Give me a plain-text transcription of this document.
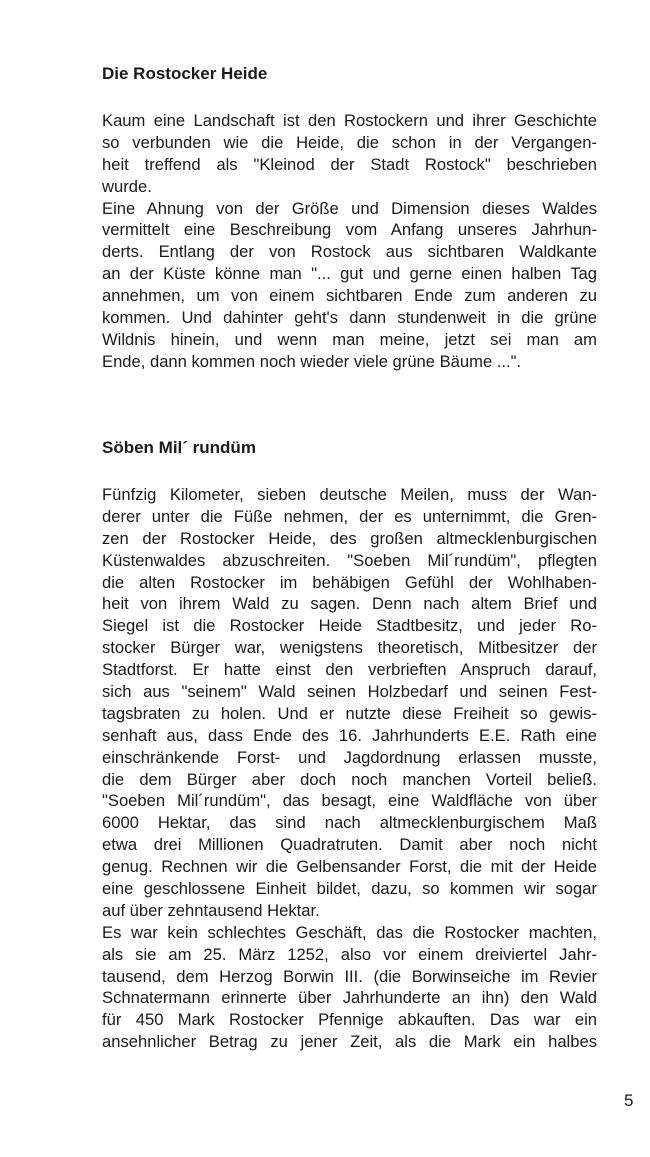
Die Rostocker Heide
Kaum eine Landschaft ist den Rostockern und ihrer Geschichte
so verbunden wie die Heide, die schon in der Vergangen-
heit treffend als "Kleinod der Stadt Rostock" beschrieben
wurde.
Eine Ahnung von der Größe und Dimension dieses Waldes
vermittelt eine Beschreibung vom Anfang unseres Jahrhun-
derts. Entlang der von Rostock aus sichtbaren Waldkante
an der Küste könne man "... gut und gerne einen halben Tag
annehmen, um von einem sichtbaren Ende zum anderen zu
kommen. Und dahinter geht's dann stundenweit in die grüne
Wildnis hinein, und wenn man meine, jetzt sei man am
Ende, dann kommen noch wieder viele grüne Bäume ...".
Söben Mil´ rundüm
Fünfzig Kilometer, sieben deutsche Meilen, muss der Wan-
derer unter die Füße nehmen, der es unternimmt, die Gren-
zen der Rostocker Heide, des großen altmecklenburgischen
Küstenwaldes abzuschreiten. "Soeben Mil´rundüm", pflegten
die alten Rostocker im behäbigen Gefühl der Wohlhaben-
heit von ihrem Wald zu sagen. Denn nach altem Brief und
Siegel ist die Rostocker Heide Stadtbesitz, und jeder Ro-
stocker Bürger war, wenigstens theoretisch, Mitbesitzer der
Stadtforst. Er hatte einst den verbrieften Anspruch darauf,
sich aus "seinem" Wald seinen Holzbedarf und seinen Fest-
tagsbraten zu holen. Und er nutzte diese Freiheit so gewis-
senhaft aus, dass Ende des 16. Jahrhunderts E.E. Rath eine
einschränkende Forst- und Jagdordnung erlassen musste,
die dem Bürger aber doch noch manchen Vorteil beließ.
"Soeben Mil´rundüm", das besagt, eine Waldfläche von über
6000 Hektar, das sind nach altmecklenburgischem Maß
etwa drei Millionen Quadratruten. Damit aber noch nicht
genug. Rechnen wir die Gelbensander Forst, die mit der Heide
eine geschlossene Einheit bildet, dazu, so kommen wir sogar
auf über zehntausend Hektar.
Es war kein schlechtes Geschäft, das die Rostocker machten,
als sie am 25. März 1252, also vor einem dreiviertel Jahr-
tausend, dem Herzog Borwin III. (die Borwinseiche im Revier
Schnatermann erinnerte über Jahrhunderte an ihn) den Wald
für 450 Mark Rostocker Pfennige abkauften. Das war ein
ansehnlicher Betrag zu jener Zeit, als die Mark ein halbes
5
